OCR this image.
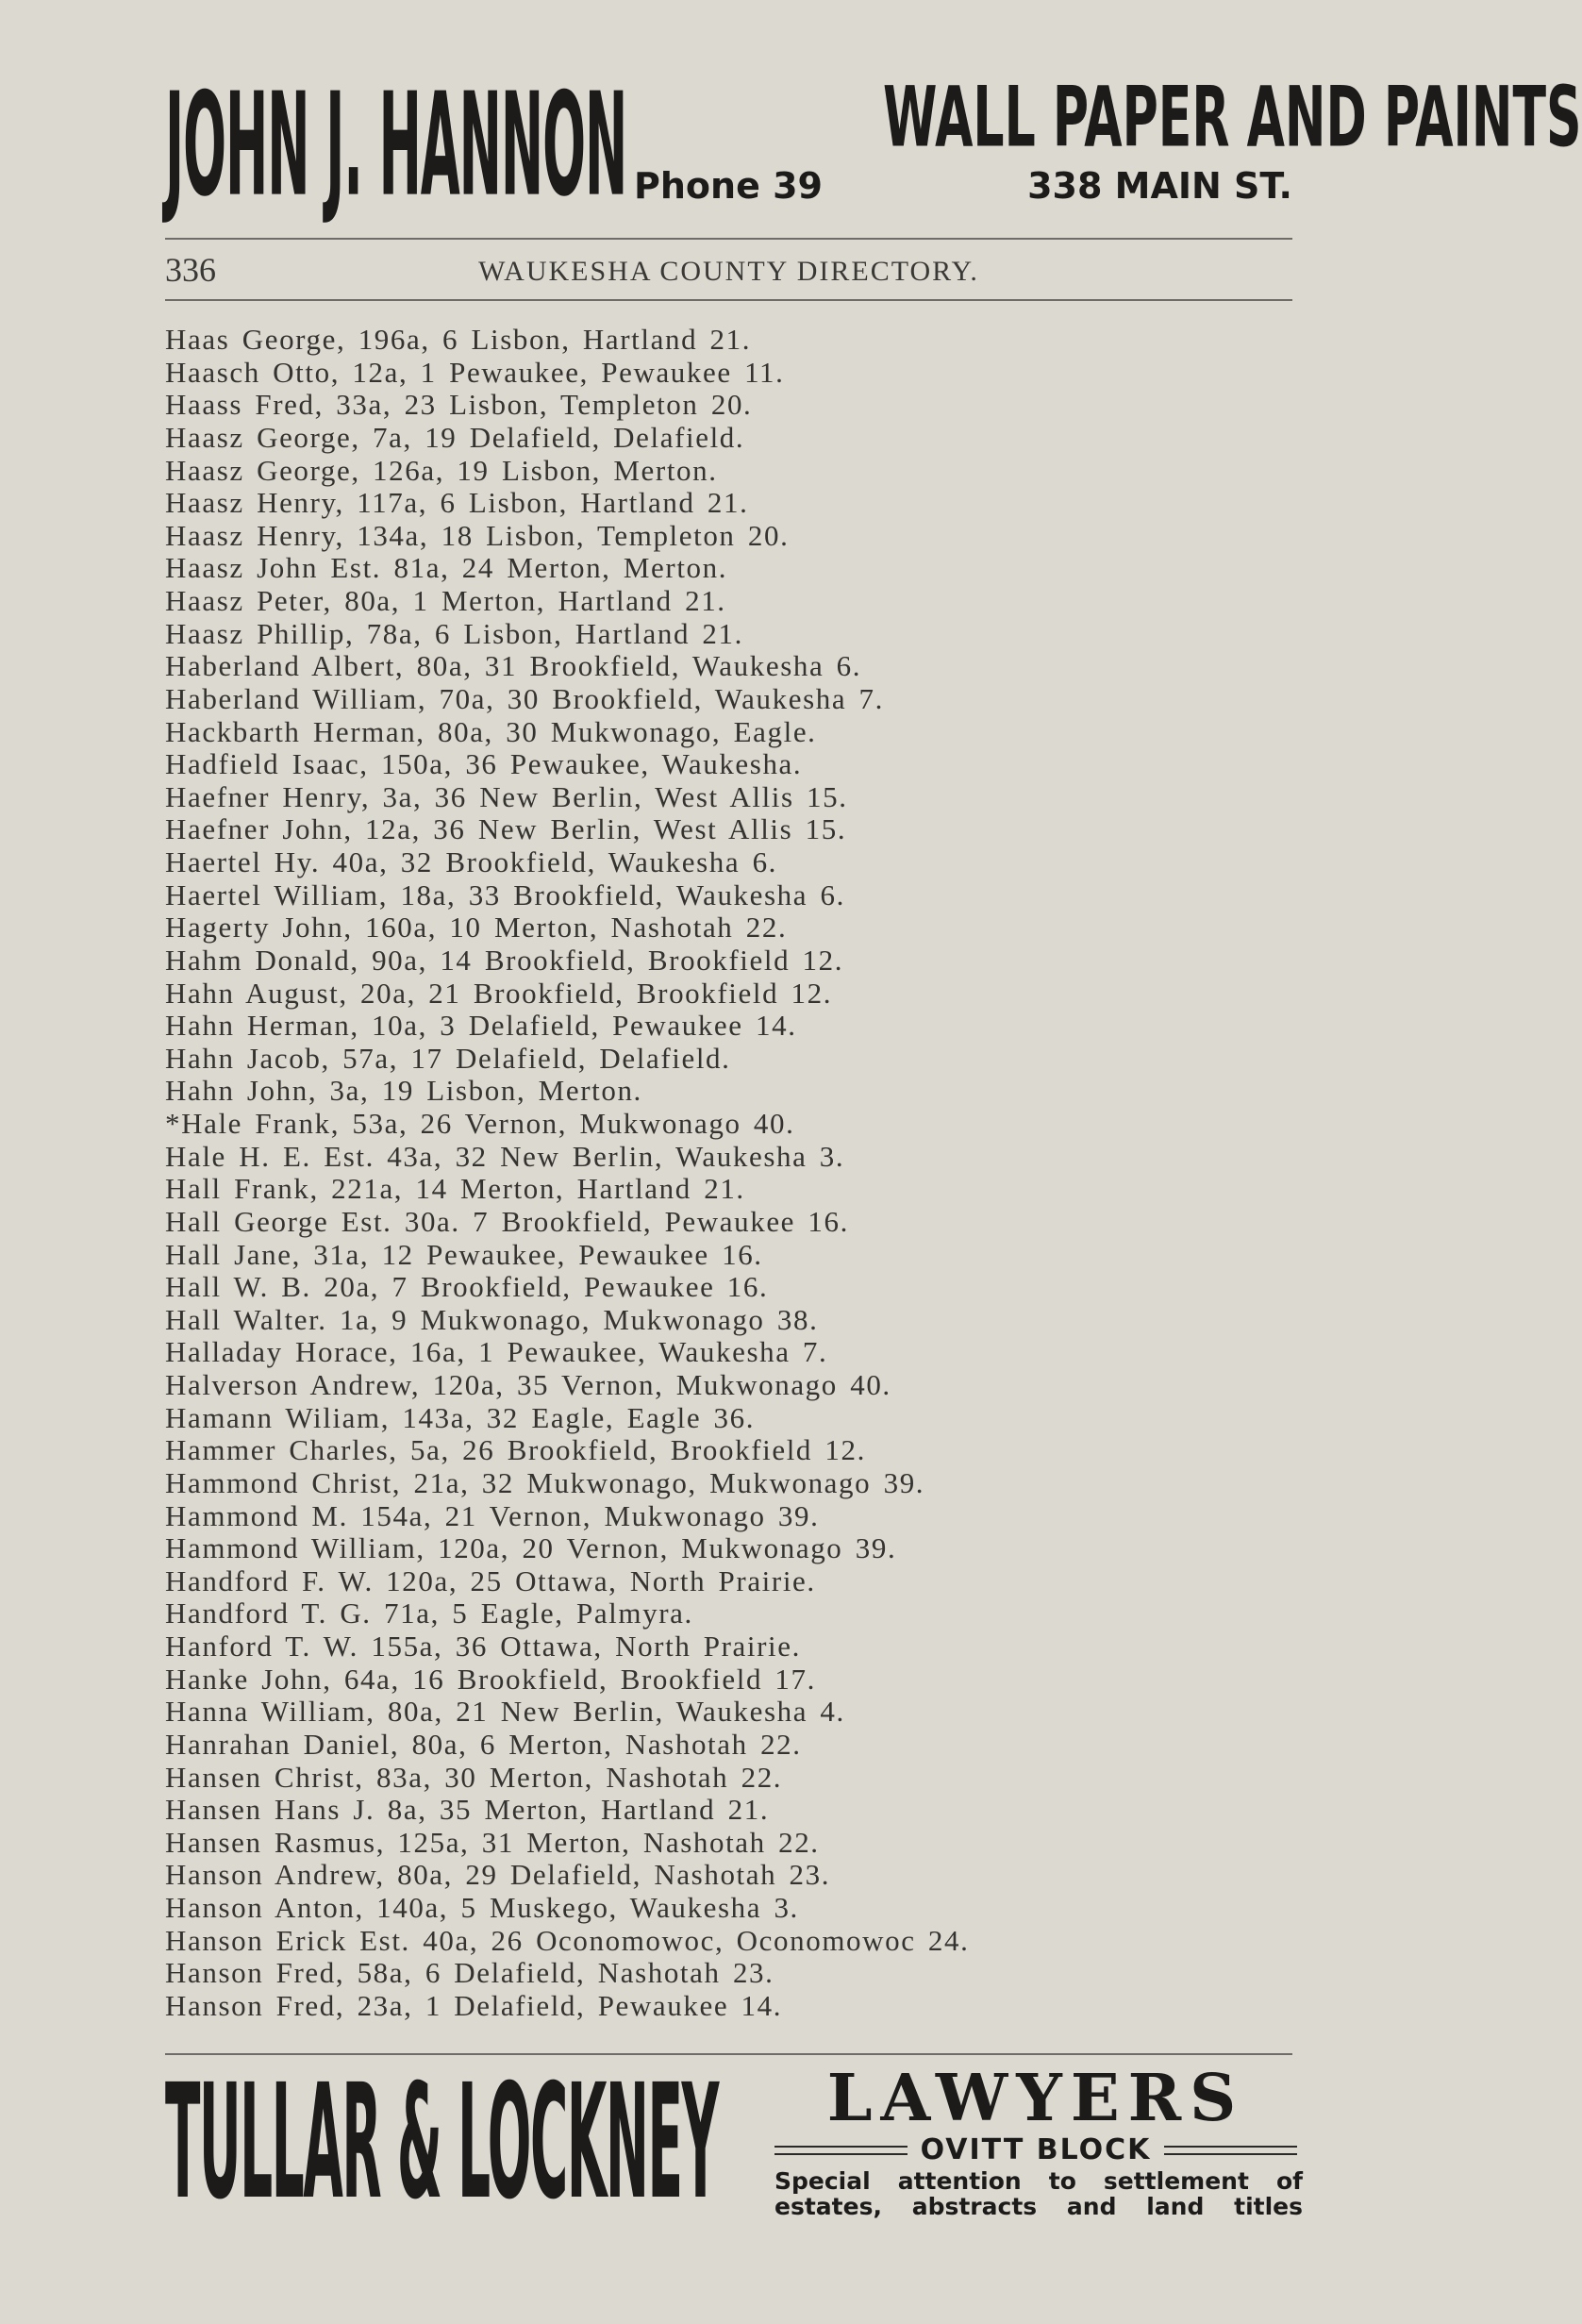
JOHN J. HANNON	WALL PAPER AND PAINTS
Phone 39	338 MAIN ST.
336	WAUKESHA COUNTY DIRECTORY.
Haas George, 196a, 6 Lisbon, Hartland 21.
Haasch Otto, 12a, 1 Pewaukee, Pewaukee 11.
Haass Fred, 33a, 23 Lisbon, Templeton 20.
Haasz George, 7a, 19 Delafield, Delafield.
Haasz George, 126a, 19 Lisbon, Merton.
Haasz Henry, 117a, 6 Lisbon, Hartland 21.
Haasz Henry, 134a, 18 Lisbon, Templeton 20.
Haasz John Est. 81a, 24 Merton, Merton.
Haasz Peter, 80a, 1 Merton, Hartland 21.
Haasz Phillip, 78a, 6 Lisbon, Hartland 21.
Haberland Albert, 80a, 31 Brookfield, Waukesha 6.
Haberland William, 70a, 30 Brookfield, Waukesha 7.
Hackbarth Herman, 80a, 30 Mukwonago, Eagle.
Hadfield Isaac, 150a, 36 Pewaukee, Waukesha.
Haefner Henry, 3a, 36 New Berlin, West Allis 15.
Haefner John, 12a, 36 New Berlin, West Allis 15.
Haertel Hy. 40a, 32 Brookfield, Waukesha 6.
Haertel William, 18a, 33 Brookfield, Waukesha 6.
Hagerty John, 160a, 10 Merton, Nashotah 22.
Hahm Donald, 90a, 14 Brookfield, Brookfield 12.
Hahn August, 20a, 21 Brookfield, Brookfield 12.
Hahn Herman, 10a, 3 Delafield, Pewaukee 14.
Hahn Jacob, 57a, 17 Delafield, Delafield.
Hahn John, 3a, 19 Lisbon, Merton.
*Hale Frank, 53a, 26 Vernon, Mukwonago 40.
Hale H. E. Est. 43a, 32 New Berlin, Waukesha 3.
Hall Frank, 221a, 14 Merton, Hartland 21.
Hall George Est. 30a. 7 Brookfield, Pewaukee 16.
Hall Jane, 31a, 12 Pewaukee, Pewaukee 16.
Hall W. B. 20a, 7 Brookfield, Pewaukee 16.
Hall Walter. 1a, 9 Mukwonago, Mukwonago 38.
Halladay Horace, 16a, 1 Pewaukee, Waukesha 7.
Halverson Andrew, 120a, 35 Vernon, Mukwonago 40.
Hamann Wiliam, 143a, 32 Eagle, Eagle 36.
Hammer Charles, 5a, 26 Brookfield, Brookfield 12.
Hammond Christ, 21a, 32 Mukwonago, Mukwonago 39.
Hammond M. 154a, 21 Vernon, Mukwonago 39.
Hammond William, 120a, 20 Vernon, Mukwonago 39.
Handford F. W. 120a, 25 Ottawa, North Prairie.
Handford T. G. 71a, 5 Eagle, Palmyra.
Hanford T. W. 155a, 36 Ottawa, North Prairie.
Hanke John, 64a, 16 Brookfield, Brookfield 17.
Hanna William, 80a, 21 New Berlin, Waukesha 4.
Hanrahan Daniel, 80a, 6 Merton, Nashotah 22.
Hansen Christ, 83a, 30 Merton, Nashotah 22.
Hansen Hans J. 8a, 35 Merton, Hartland 21.
Hansen Rasmus, 125a, 31 Merton, Nashotah 22.
Hanson Andrew, 80a, 29 Delafield, Nashotah 23.
Hanson Anton, 140a, 5 Muskego, Waukesha 3.
Hanson Erick Est. 40a, 26 Oconomowoc, Oconomowoc 24.
Hanson Fred, 58a, 6 Delafield, Nashotah 23.
Hanson Fred, 23a, 1 Delafield, Pewaukee 14.
TULLAR & LOCKNEY	LAWYERS
OVITT BLOCK
Special attention to settlement of
estates, abstracts and land titles
